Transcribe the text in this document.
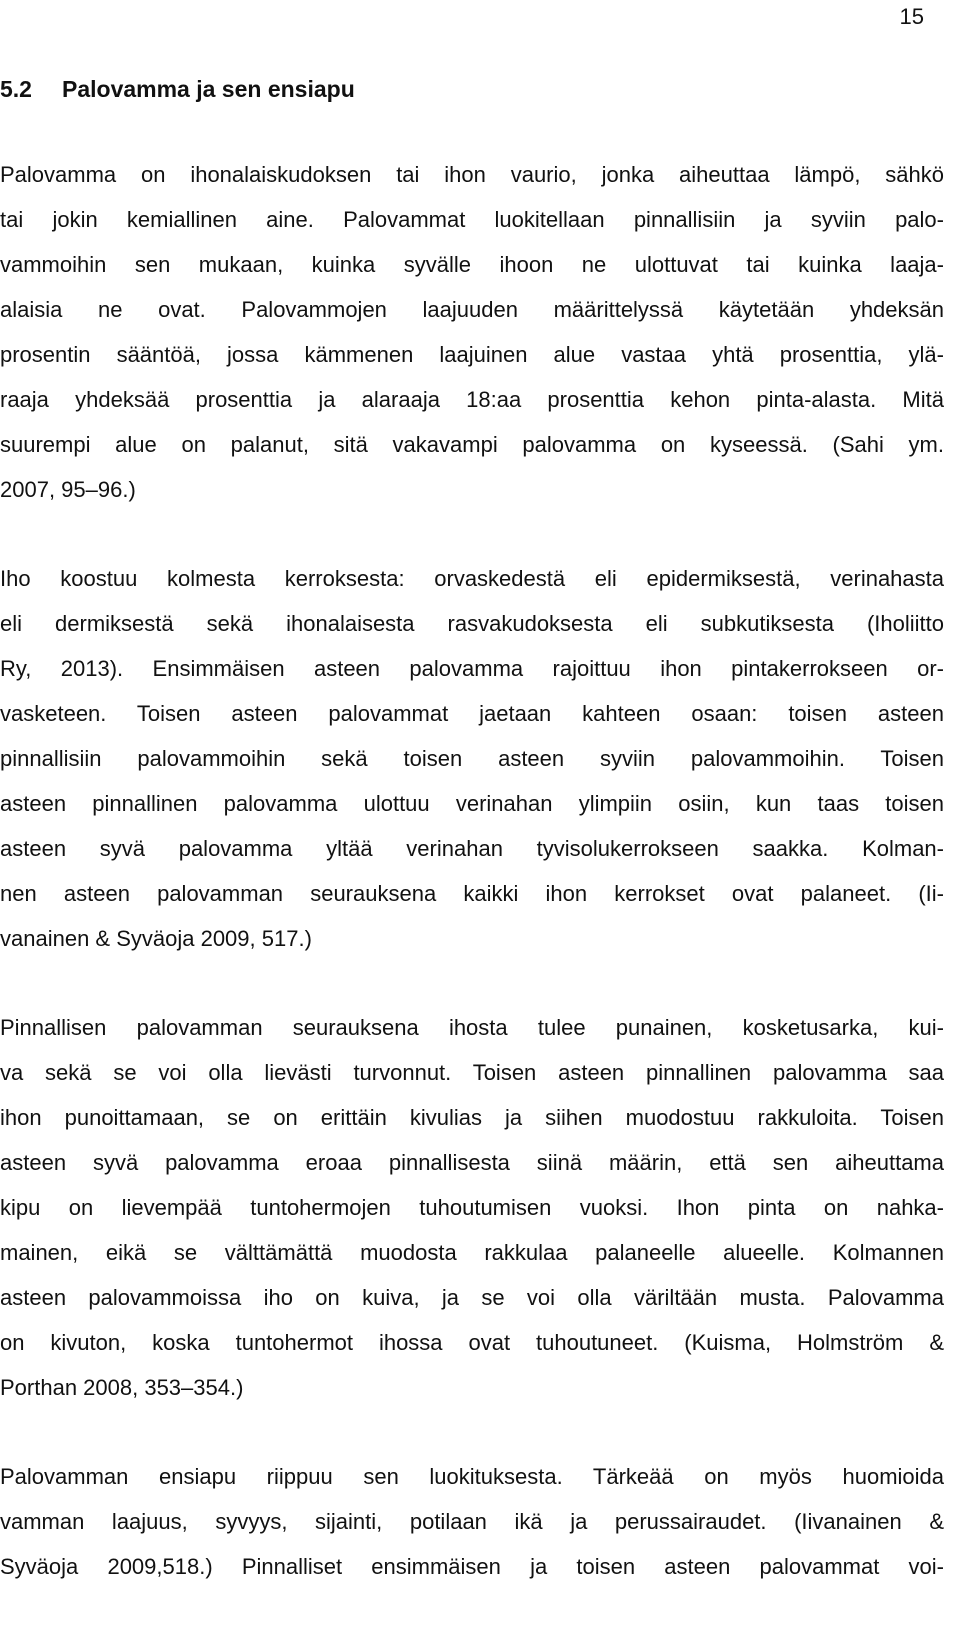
15
5.2 Palovamma ja sen ensiapu
Palovamma on ihonalaiskudoksen tai ihon vaurio, jonka aiheuttaa lämpö, sähkö
tai jokin kemiallinen aine. Palovammat luokitellaan pinnallisiin ja syviin palo-
vammoihin sen mukaan, kuinka syvälle ihoon ne ulottuvat tai kuinka laaja-
alaisia ne ovat. Palovammojen laajuuden määrittelyssä käytetään yhdeksän
prosentin sääntöä, jossa kämmenen laajuinen alue vastaa yhtä prosenttia, ylä-
raaja yhdeksää prosenttia ja alaraaja 18:aa prosenttia kehon pinta-alasta. Mitä
suurempi alue on palanut, sitä vakavampi palovamma on kyseessä. (Sahi ym.
2007, 95–96.)
Iho koostuu kolmesta kerroksesta: orvaskedestä eli epidermiksestä, verinahasta
eli dermiksestä sekä ihonalaisesta rasvakudoksesta eli subkutiksesta (Iholiitto
Ry, 2013). Ensimmäisen asteen palovamma rajoittuu ihon pintakerrokseen or-
vasketeen. Toisen asteen palovammat jaetaan kahteen osaan: toisen asteen
pinnallisiin palovammoihin sekä toisen asteen syviin palovammoihin. Toisen
asteen pinnallinen palovamma ulottuu verinahan ylimpiin osiin, kun taas toisen
asteen syvä palovamma yltää verinahan tyvisolukerrokseen saakka. Kolman-
nen asteen palovamman seurauksena kaikki ihon kerrokset ovat palaneet. (Ii-
vanainen & Syväoja 2009, 517.)
Pinnallisen palovamman seurauksena ihosta tulee punainen, kosketusarka, kui-
va sekä se voi olla lievästi turvonnut. Toisen asteen pinnallinen palovamma saa
ihon punoittamaan, se on erittäin kivulias ja siihen muodostuu rakkuloita. Toisen
asteen syvä palovamma eroaa pinnallisesta siinä määrin, että sen aiheuttama
kipu on lievempää tuntohermojen tuhoutumisen vuoksi. Ihon pinta on nahka-
mainen, eikä se välttämättä muodosta rakkulaa palaneelle alueelle. Kolmannen
asteen palovammoissa iho on kuiva, ja se voi olla väriltään musta. Palovamma
on kivuton, koska tuntohermot ihossa ovat tuhoutuneet. (Kuisma, Holmström &
Porthan 2008, 353–354.)
Palovamman ensiapu riippuu sen luokituksesta. Tärkeää on myös huomioida
vamman laajuus, syvyys, sijainti, potilaan ikä ja perussairaudet. (Iivanainen &
Syväoja 2009,518.) Pinnalliset ensimmäisen ja toisen asteen palovammat voi-
